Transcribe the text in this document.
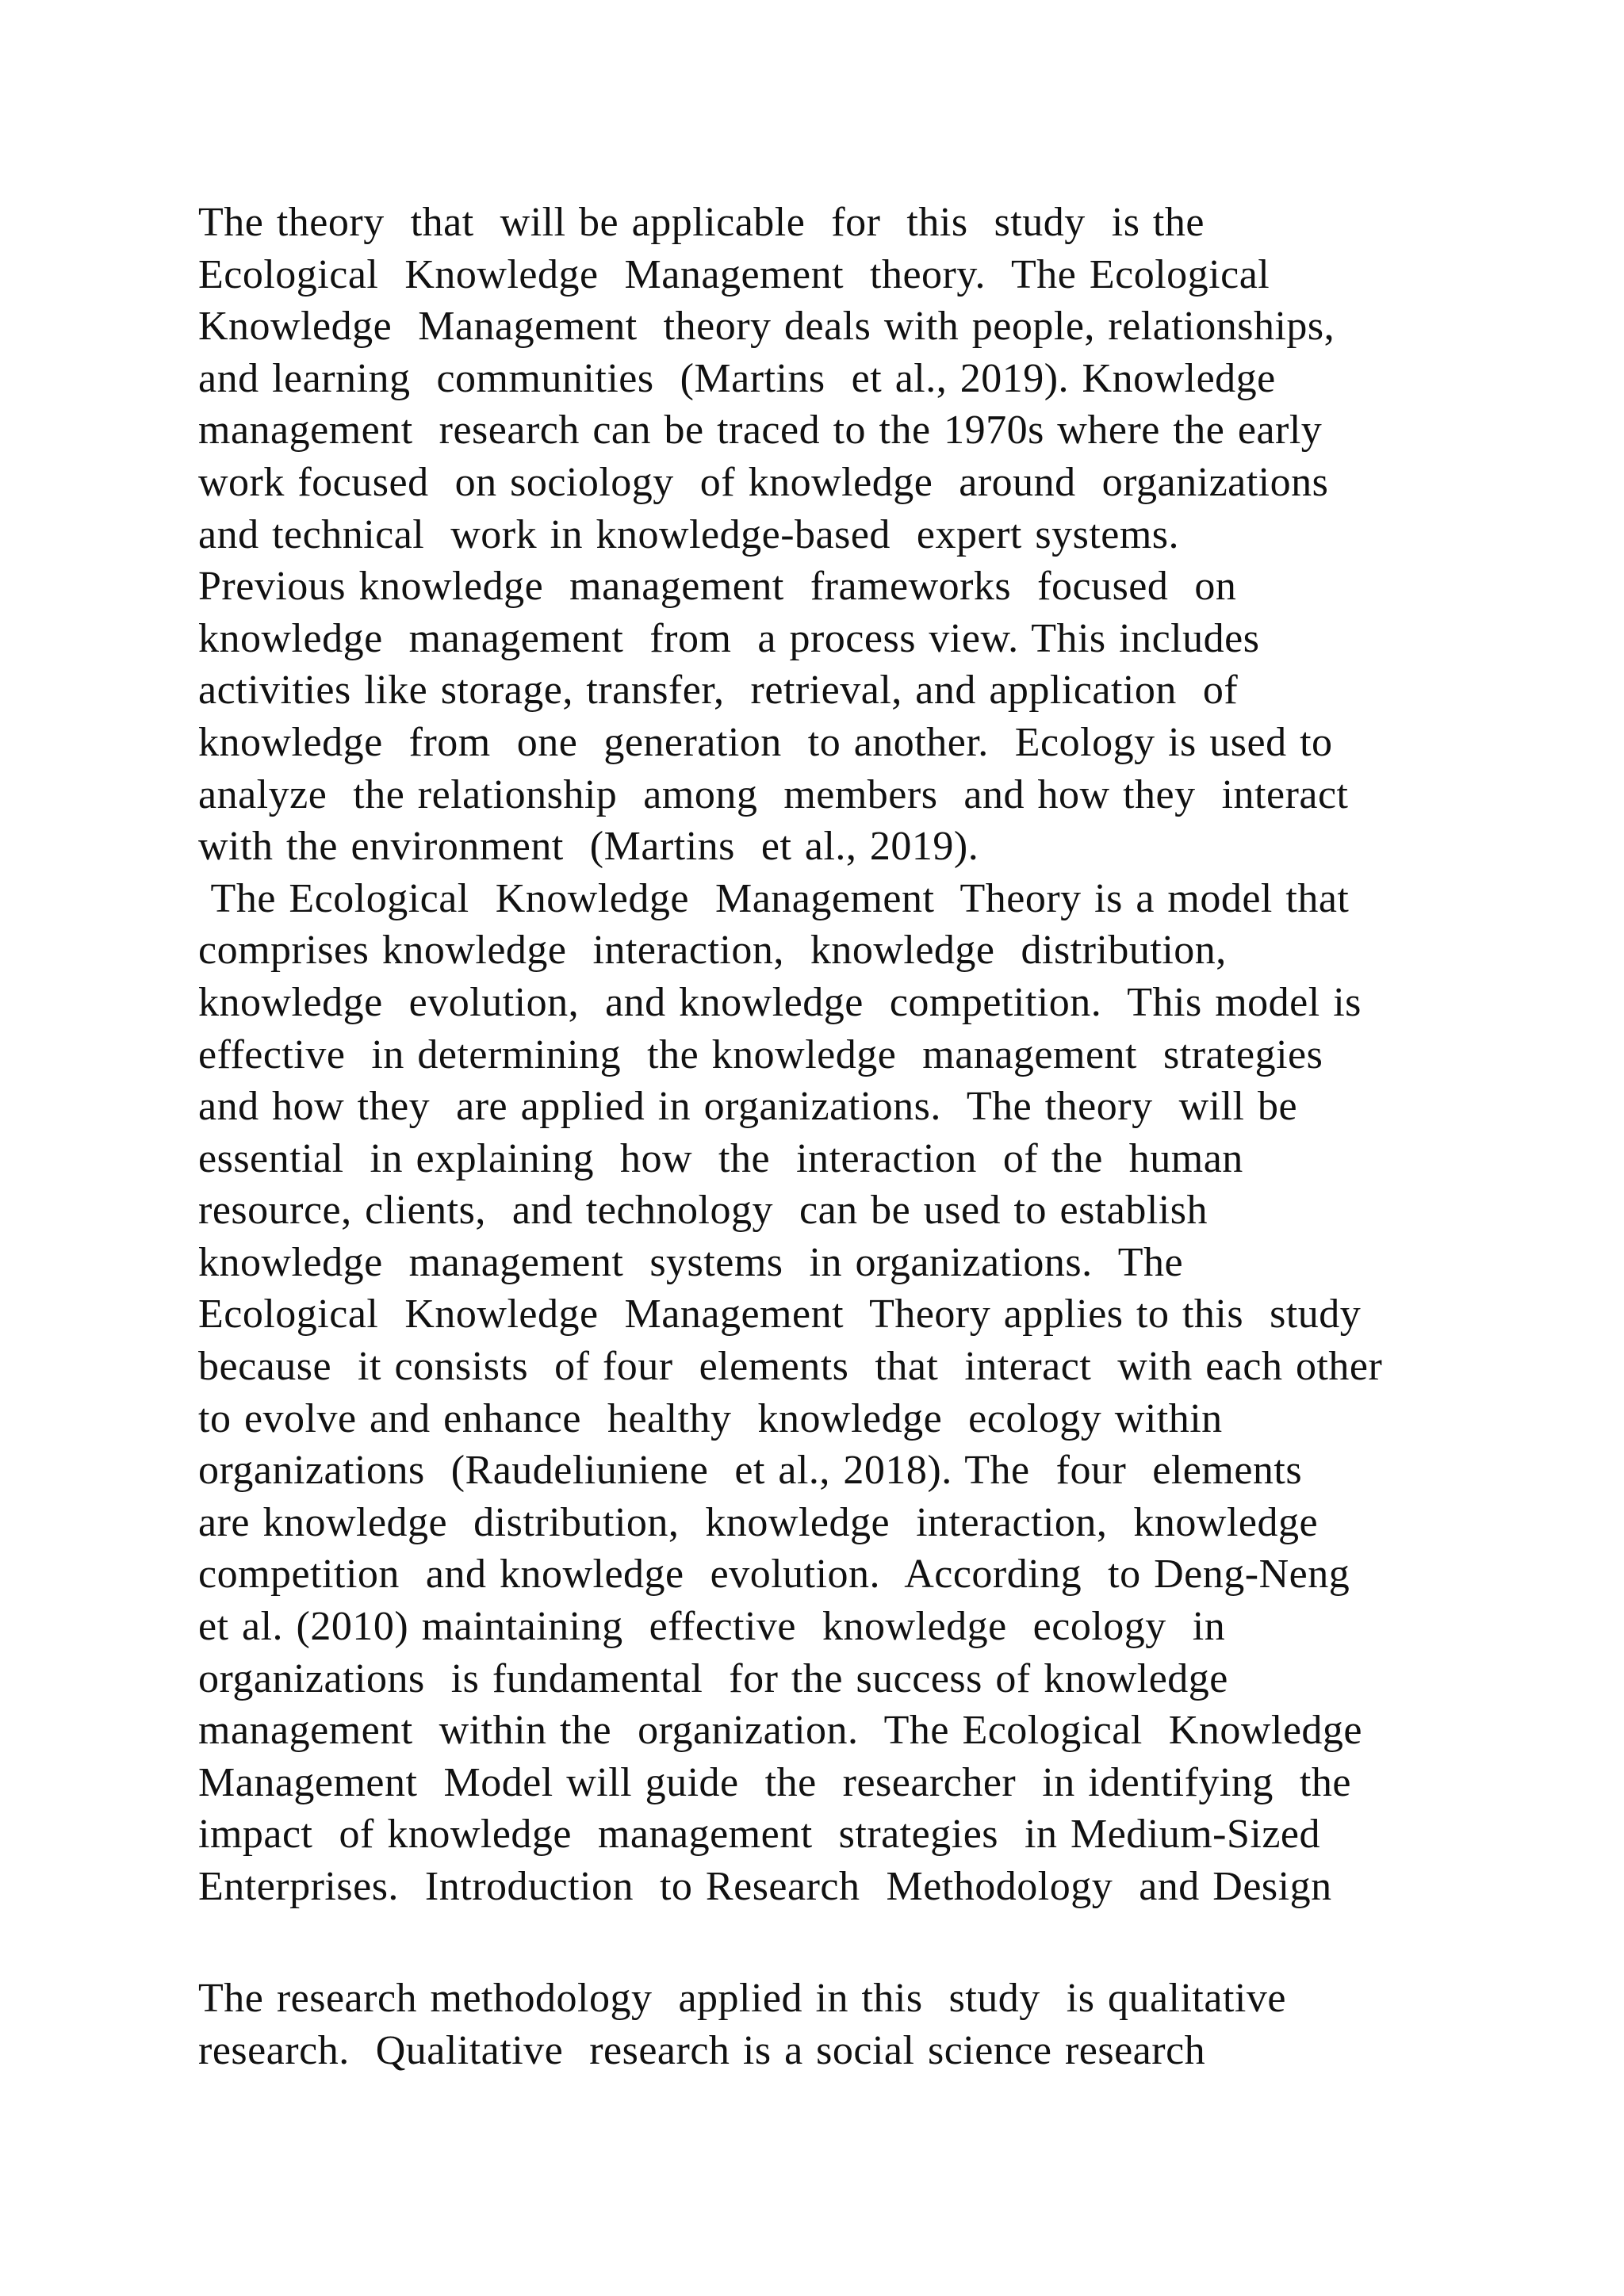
The theory  that  will be applicable  for  this  study  is the
Ecological  Knowledge  Management  theory.  The Ecological
Knowledge  Management  theory deals with people, relationships,
and learning  communities  (Martins  et al., 2019). Knowledge
management  research can be traced to the 1970s where the early
work focused  on sociology  of knowledge  around  organizations
and technical  work in knowledge-based  expert systems.
Previous knowledge  management  frameworks  focused  on
knowledge  management  from  a process view. This includes
activities like storage, transfer,  retrieval, and application  of
knowledge  from  one  generation  to another.  Ecology is used to
analyze  the relationship  among  members  and how they  interact
with the environment  (Martins  et al., 2019).
The Ecological  Knowledge  Management  Theory is a model that
comprises knowledge  interaction,  knowledge  distribution,
knowledge  evolution,  and knowledge  competition.  This model is
effective  in determining  the knowledge  management  strategies
and how they  are applied in organizations.  The theory  will be
essential  in explaining  how  the  interaction  of the  human
resource, clients,  and technology  can be used to establish
knowledge  management  systems  in organizations.  The
Ecological  Knowledge  Management  Theory applies to this  study
because  it consists  of four  elements  that  interact  with each other
to evolve and enhance  healthy  knowledge  ecology within
organizations  (Raudeliuniene  et al., 2018). The  four  elements
are knowledge  distribution,  knowledge  interaction,  knowledge
competition  and knowledge  evolution.  According  to Deng-Neng
et al. (2010) maintaining  effective  knowledge  ecology  in
organizations  is fundamental  for the success of knowledge
management  within the  organization.  The Ecological  Knowledge
Management  Model will guide  the  researcher  in identifying  the
impact  of knowledge  management  strategies  in Medium-Sized
Enterprises.  Introduction  to Research  Methodology  and Design
The research methodology  applied in this  study  is qualitative
research.  Qualitative  research is a social science research
